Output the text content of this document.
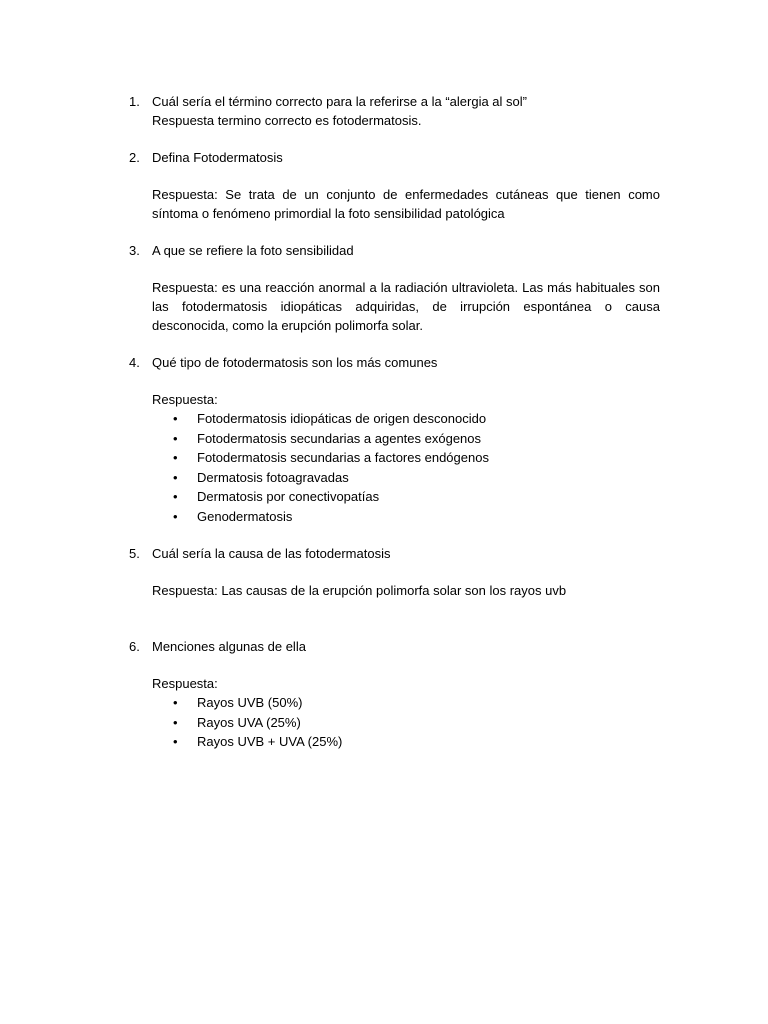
1. Cuál sería el término correcto para la referirse a la “alergia al sol”

Respuesta termino correcto es fotodermatosis.

2. Defina Fotodermatosis

Respuesta: Se trata de un conjunto de enfermedades cutáneas que tienen como síntoma o fenómeno primordial la foto sensibilidad patológica

3. A que se refiere la foto sensibilidad

Respuesta: es una reacción anormal a la radiación ultravioleta. Las más habituales son las fotodermatosis idiopáticas adquiridas, de irrupción espontánea o causa desconocida, como la erupción polimorfa solar.

4. Qué tipo de fotodermatosis son los más comunes

Respuesta:

• Fotodermatosis idiopáticas de origen desconocido
• Fotodermatosis secundarias a agentes exógenos
• Fotodermatosis secundarias a factores endógenos
• Dermatosis fotoagravadas
• Dermatosis por conectivopatías
• Genodermatosis
5. Cuál sería la causa de las fotodermatosis

Respuesta: Las causas de la erupción polimorfa solar son los rayos uvb

6. Menciones algunas de ella

Respuesta:

• Rayos UVB (50%)
• Rayos UVA (25%)
• Rayos UVB + UVA (25%)
